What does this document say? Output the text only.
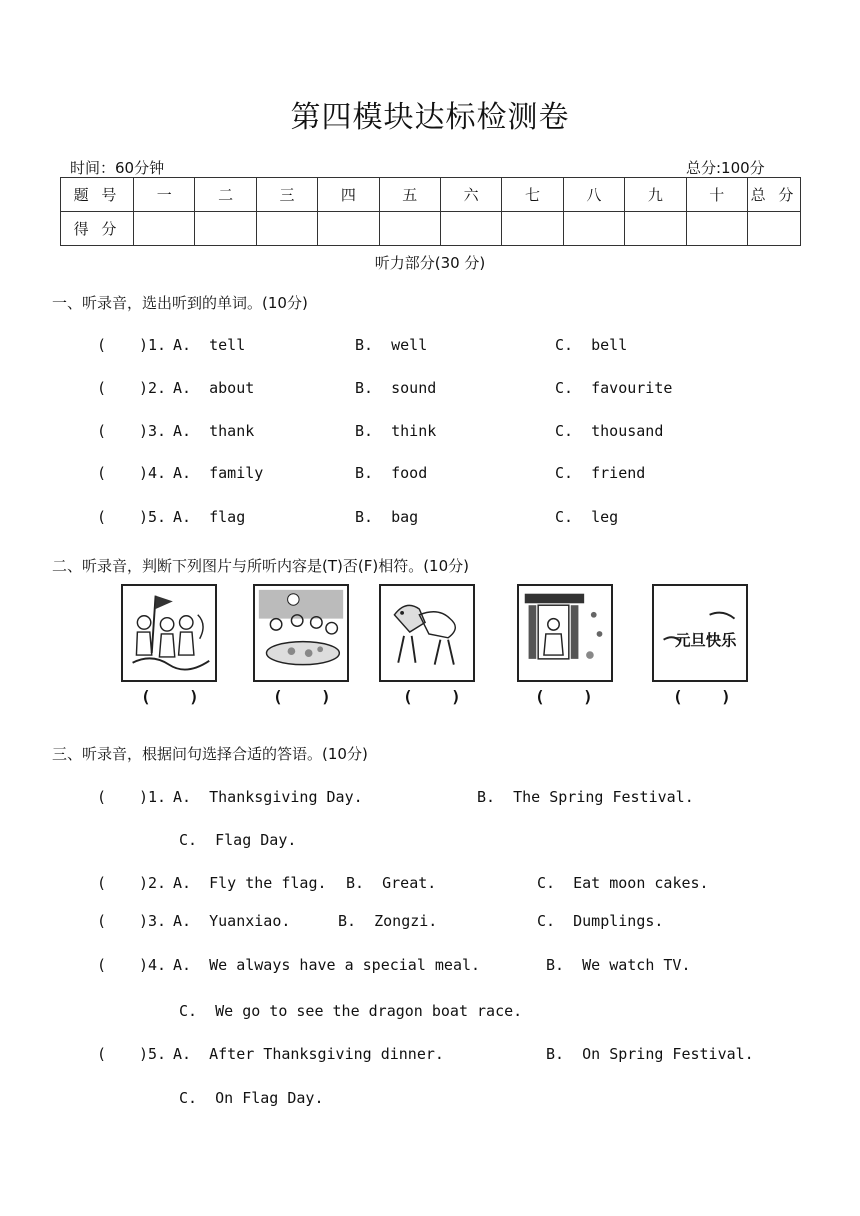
第四模块达标检测卷
时间：60分钟	总分:100分
题 号	一	二	三	四	五	六	七	八	九	十	总 分
得 分											
听力部分(30 分)
一、听录音，选出听到的单词。(10分)
( )1. A.  tell	B.  well	C.  bell
( )2. A.  about	B.  sound	C.  favourite
( )3. A.  thank	B.  think	C.  thousand
( )4. A.  family	B.  food	C.  friend
( )5. A.  flag	B.  bag	C.  leg
二、听录音，判断下列图片与所听内容是(T)否(F)相符。(10分)
元旦快乐
(    )	(    )	(    )	(    )	(    )
三、听录音，根据问句选择合适的答语。(10分)
( )1. A.  Thanksgiving Day.	B.  The Spring Festival.
C.  Flag Day.
( )2. A.  Fly the flag. B.  Great.	C.  Eat moon cakes.
( )3. A.  Yuanxiao.	B.  Zongzi.	C.  Dumplings.
( )4. A.  We always have a special meal.	B.  We watch TV.
C.  We go to see the dragon boat race.
( )5. A.  After Thanksgiving dinner.	B.  On Spring Festival.
C.  On Flag Day.
